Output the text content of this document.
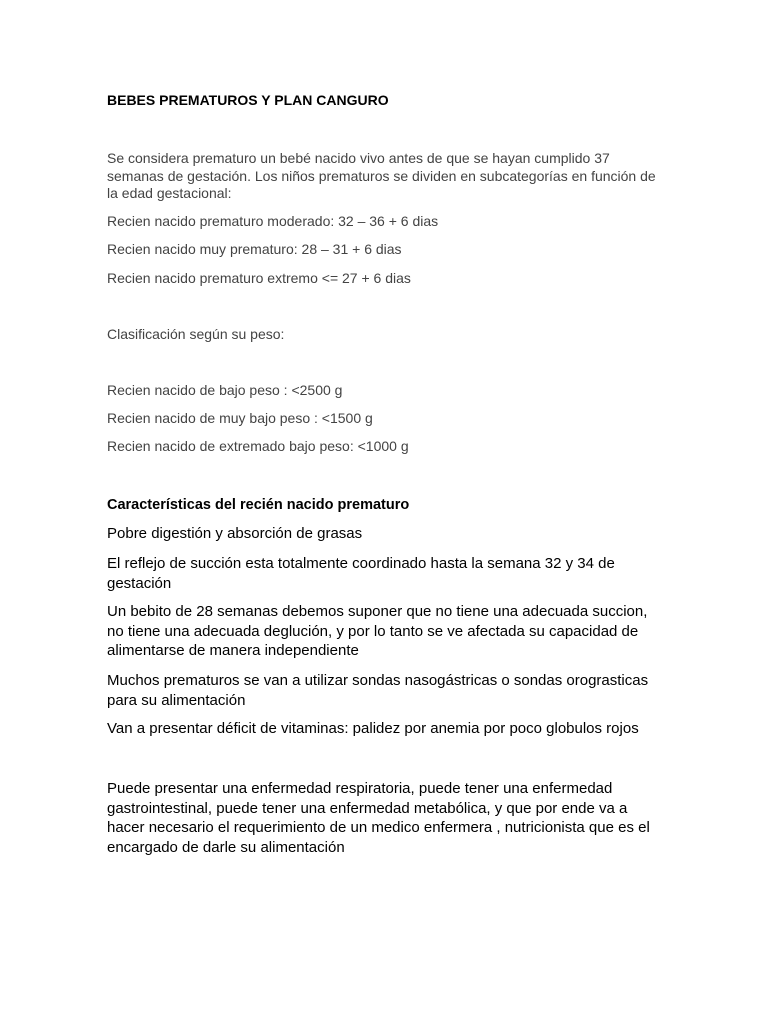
BEBES PREMATUROS Y PLAN CANGURO

Se considera prematuro un bebé nacido vivo antes de que se hayan cumplido 37 semanas de gestación. Los niños prematuros se dividen en subcategorías en función de la edad gestacional:

Recien nacido prematuro moderado: 32 – 36 + 6 dias

Recien nacido muy prematuro: 28 – 31 + 6 dias

Recien nacido prematuro extremo <= 27 + 6 dias

Clasificación según su peso:

Recien nacido de bajo peso : <2500 g

Recien nacido de muy bajo peso : <1500 g

Recien nacido de extremado bajo peso: <1000 g

Características del recién nacido prematuro

Pobre digestión y absorción de grasas

El reflejo de succión esta totalmente coordinado hasta la semana 32 y 34 de gestación

Un bebito de 28 semanas debemos suponer que no tiene una adecuada succion, no tiene una adecuada deglución, y por lo tanto se ve afectada su capacidad de alimentarse de manera independiente

Muchos prematuros se van a utilizar sondas nasogástricas o sondas orograsticas para su alimentación

Van a presentar déficit de vitaminas: palidez por anemia por poco globulos rojos

Puede presentar una enfermedad respiratoria, puede tener una enfermedad gastrointestinal, puede tener una enfermedad metabólica, y que por ende va a hacer necesario el requerimiento de un medico enfermera , nutricionista que es el encargado de darle su alimentación
